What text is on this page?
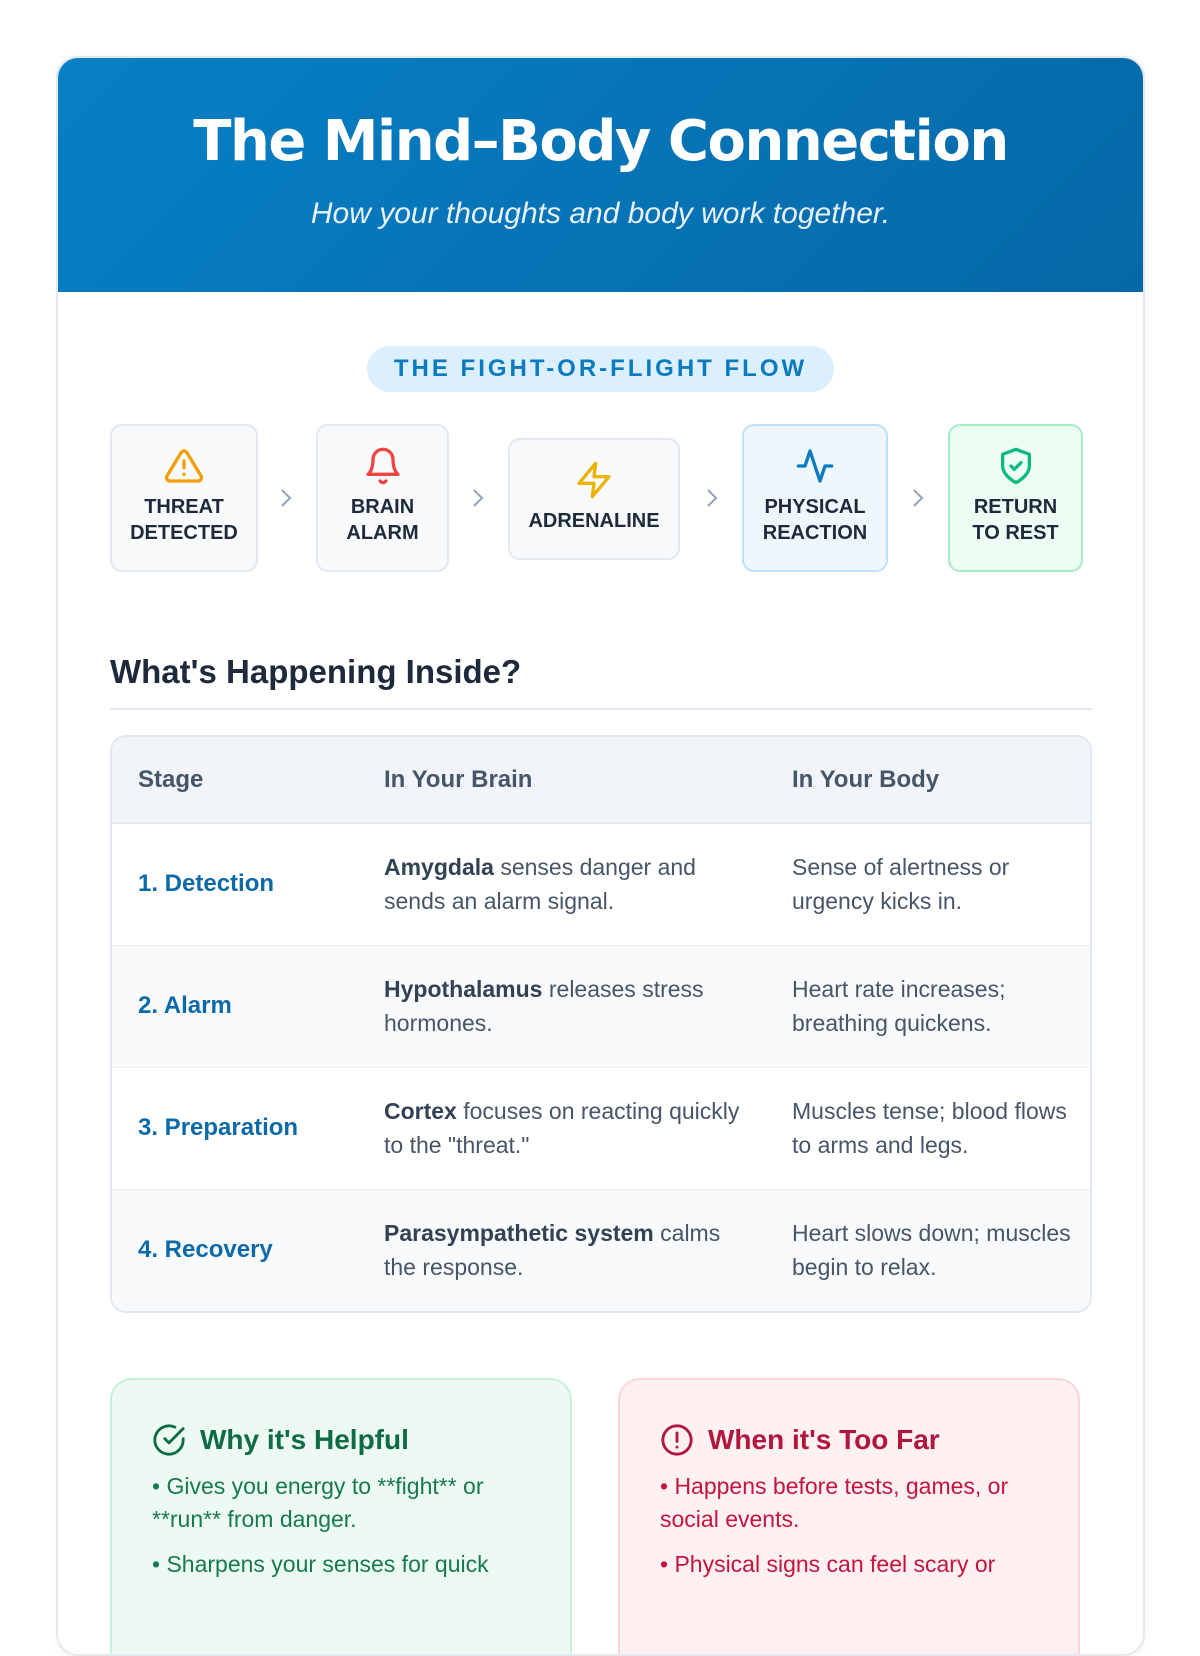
The Mind–Body Connection

How your thoughts and body work together.

THE FIGHT-OR-FLIGHT FLOW
THREAT
DETECTED
BRAIN
ALARM
ADRENALINE
PHYSICAL
REACTION
RETURN
TO REST
What's Happening Inside?
Stage	In Your Brain	In Your Body
1. Detection	Amygdala senses danger and sends an alarm signal.	Sense of alertness or urgency kicks in.
2. Alarm	Hypothalamus releases stress hormones.	Heart rate increases; breathing quickens.
3. Preparation	Cortex focuses on reacting quickly to the "threat."	Muscles tense; blood flows to arms and legs.
4. Recovery	Parasympathetic system calms the response.	Heart slows down; muscles begin to relax.
Why it's Helpful
• Gives you energy to **fight** or **run** from danger.
• Sharpens your senses for quick
When it's Too Far
• Happens before tests, games, or social events.
• Physical signs can feel scary or
